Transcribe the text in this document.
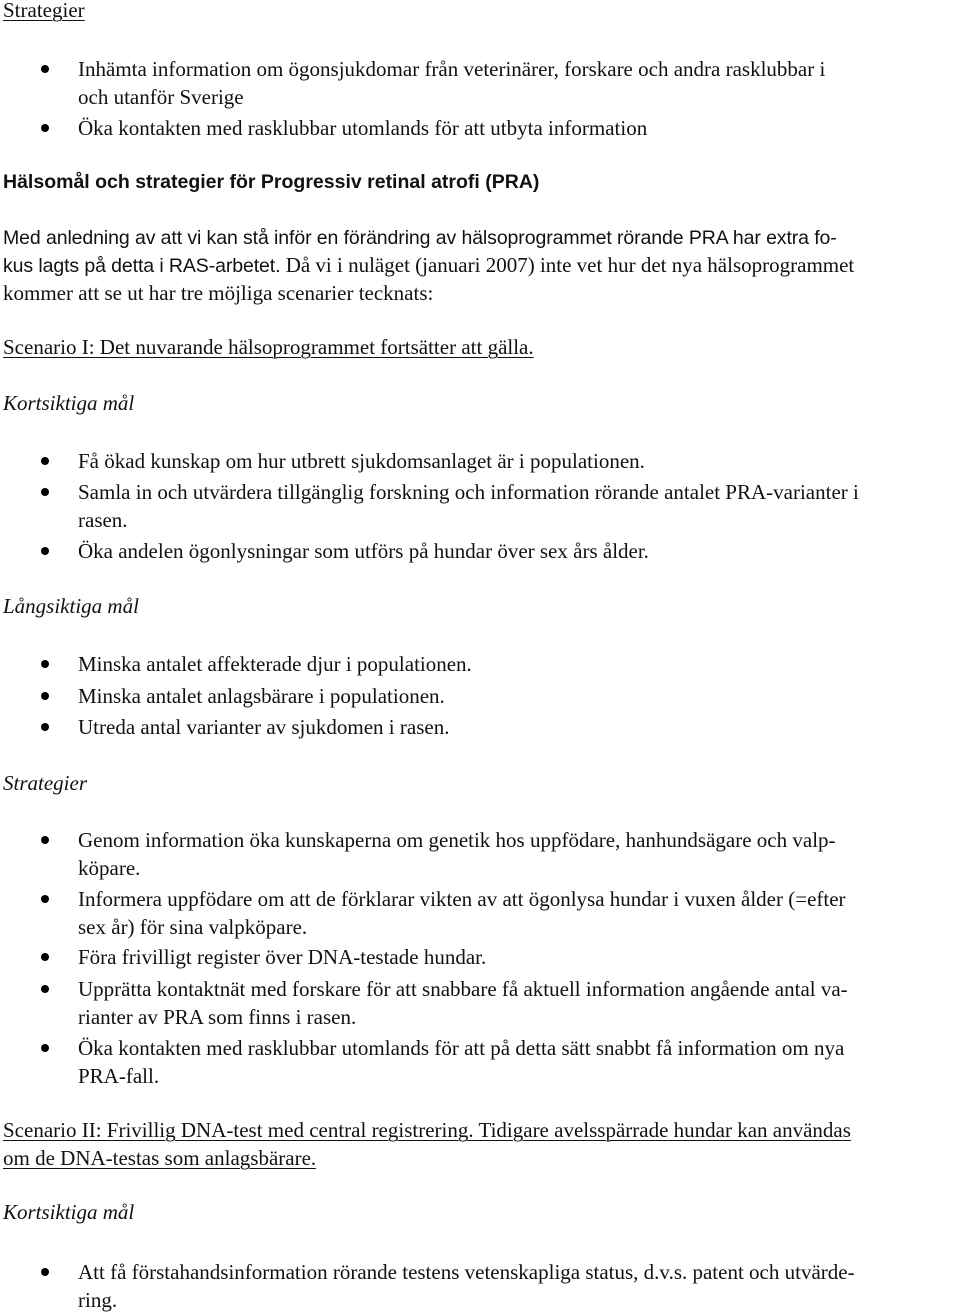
Strategier

Inhämta information om ögonsjukdomar från veterinärer, forskare och andra rasklubbar i

och utanför Sverige

Öka kontakten med rasklubbar utomlands för att utbyta information

Hälsomål och strategier för Progressiv retinal atrofi (PRA)

Med anledning av att vi kan stå inför en förändring av hälsoprogrammet rörande PRA har extra fo-

kus lagts på detta i RAS-arbetet. Då vi i nuläget (januari 2007) inte vet hur det nya hälsoprogrammet

kommer att se ut har tre möjliga scenarier tecknats:

Scenario I: Det nuvarande hälsoprogrammet fortsätter att gälla.

Kortsiktiga mål

Få ökad kunskap om hur utbrett sjukdomsanlaget är i populationen.

Samla in och utvärdera tillgänglig forskning och information rörande antalet PRA-varianter i

rasen.

Öka andelen ögonlysningar som utförs på hundar över sex års ålder.

Långsiktiga mål

Minska antalet affekterade djur i populationen.

Minska antalet anlagsbärare i populationen.

Utreda antal varianter av sjukdomen i rasen.

Strategier

Genom information öka kunskaperna om genetik hos uppfödare, hanhundsägare och valp-

köpare.

Informera uppfödare om att de förklarar vikten av att ögonlysa hundar i vuxen ålder (=efter

sex år) för sina valpköpare.

Föra frivilligt register över DNA-testade hundar.

Upprätta kontaktnät med forskare för att snabbare få aktuell information angående antal va-

rianter av PRA som finns i rasen.

Öka kontakten med rasklubbar utomlands för att på detta sätt snabbt få information om nya

PRA-fall.

Scenario II: Frivillig DNA-test med central registrering. Tidigare avelsspärrade hundar kan användas

om de DNA-testas som anlagsbärare.

Kortsiktiga mål

Att få förstahandsinformation rörande testens vetenskapliga status, d.v.s. patent och utvärde-

ring.
